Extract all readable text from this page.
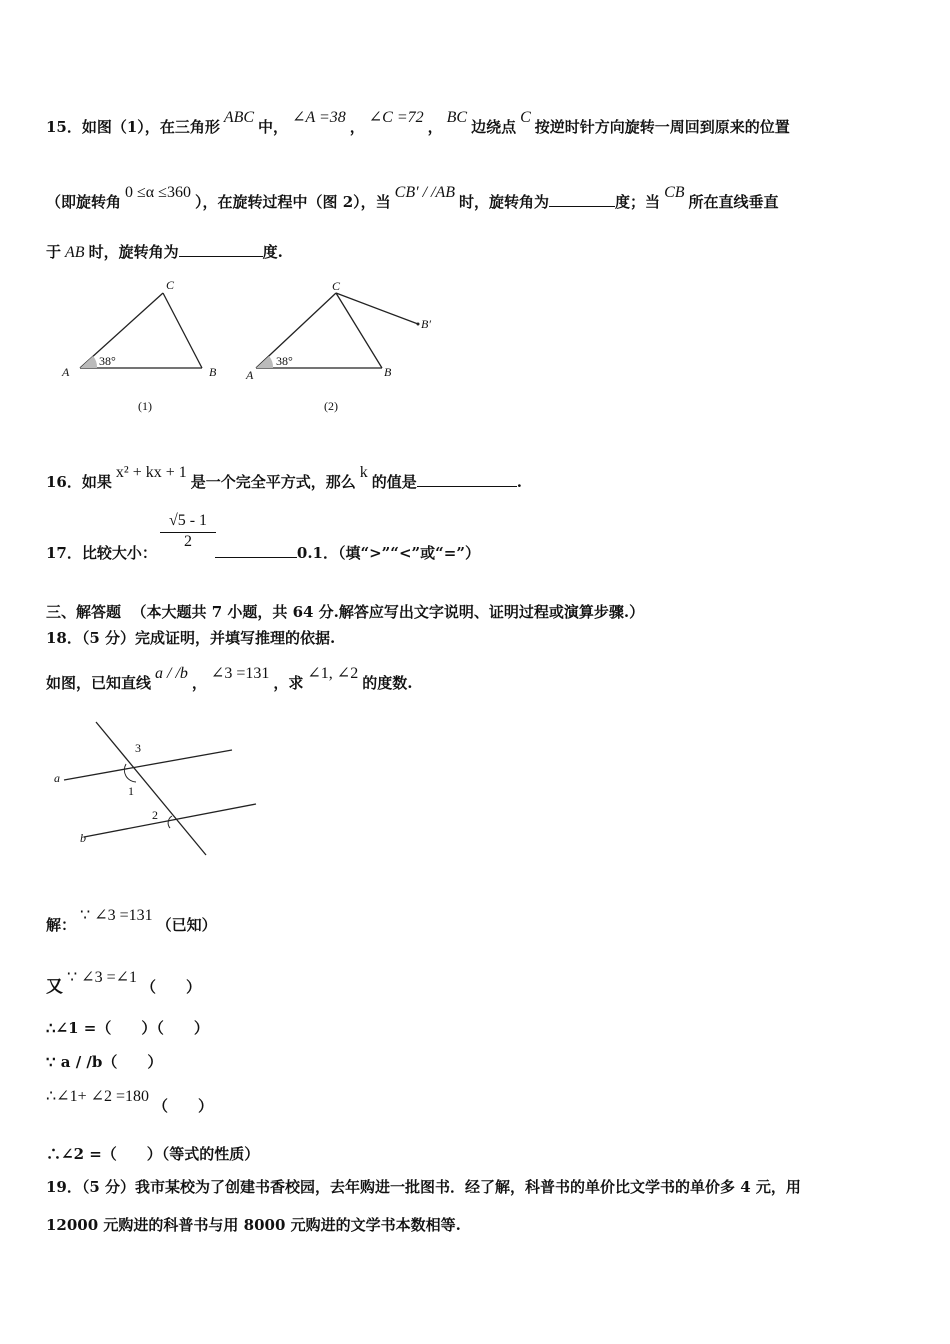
15．如图（1），在三角形ABC中，∠A =38，∠C =72，BC边绕点C按逆时针方向旋转一周回到原来的位置
（即旋转角0 ≤α ≤360），在旋转过程中（图 2），当CB′ / /AB时，旋转角为	度；当CB所在直线垂直
于 AB 时，旋转角为	度.
A	B
C
38°
(1)
A	B
C
B′
38°
(2)
16．如果x² + kx + 1是一个完全平方式，那么k的值是	.
17．比较大小：	0.1．（填“>”“<”或“=”）
$\frac{√5 - 1}{2}$
三、解答题 （本大题共 7 小题，共 64 分.解答应写出文字说明、证明过程或演算步骤.）
18．（5 分）完成证明，并填写推理的依据.
如图，已知直线a / /b，∠3 =131，求∠1, ∠2的度数.
a
b
3
1
2
解：∵ ∠3 =131（已知）
又 ∵ ∠3 =∠1（　　）
∴∠1 =（　　）（　　）
∵ a / /b（　　）
∴∠1+ ∠2 =180（　　）
∴∠2 =（　　）（等式的性质）
19．（5 分）我市某校为了创建书香校园，去年购进一批图书．经了解，科普书的单价比文学书的单价多 4 元，用
12000 元购进的科普书与用 8000 元购进的文学书本数相等.
